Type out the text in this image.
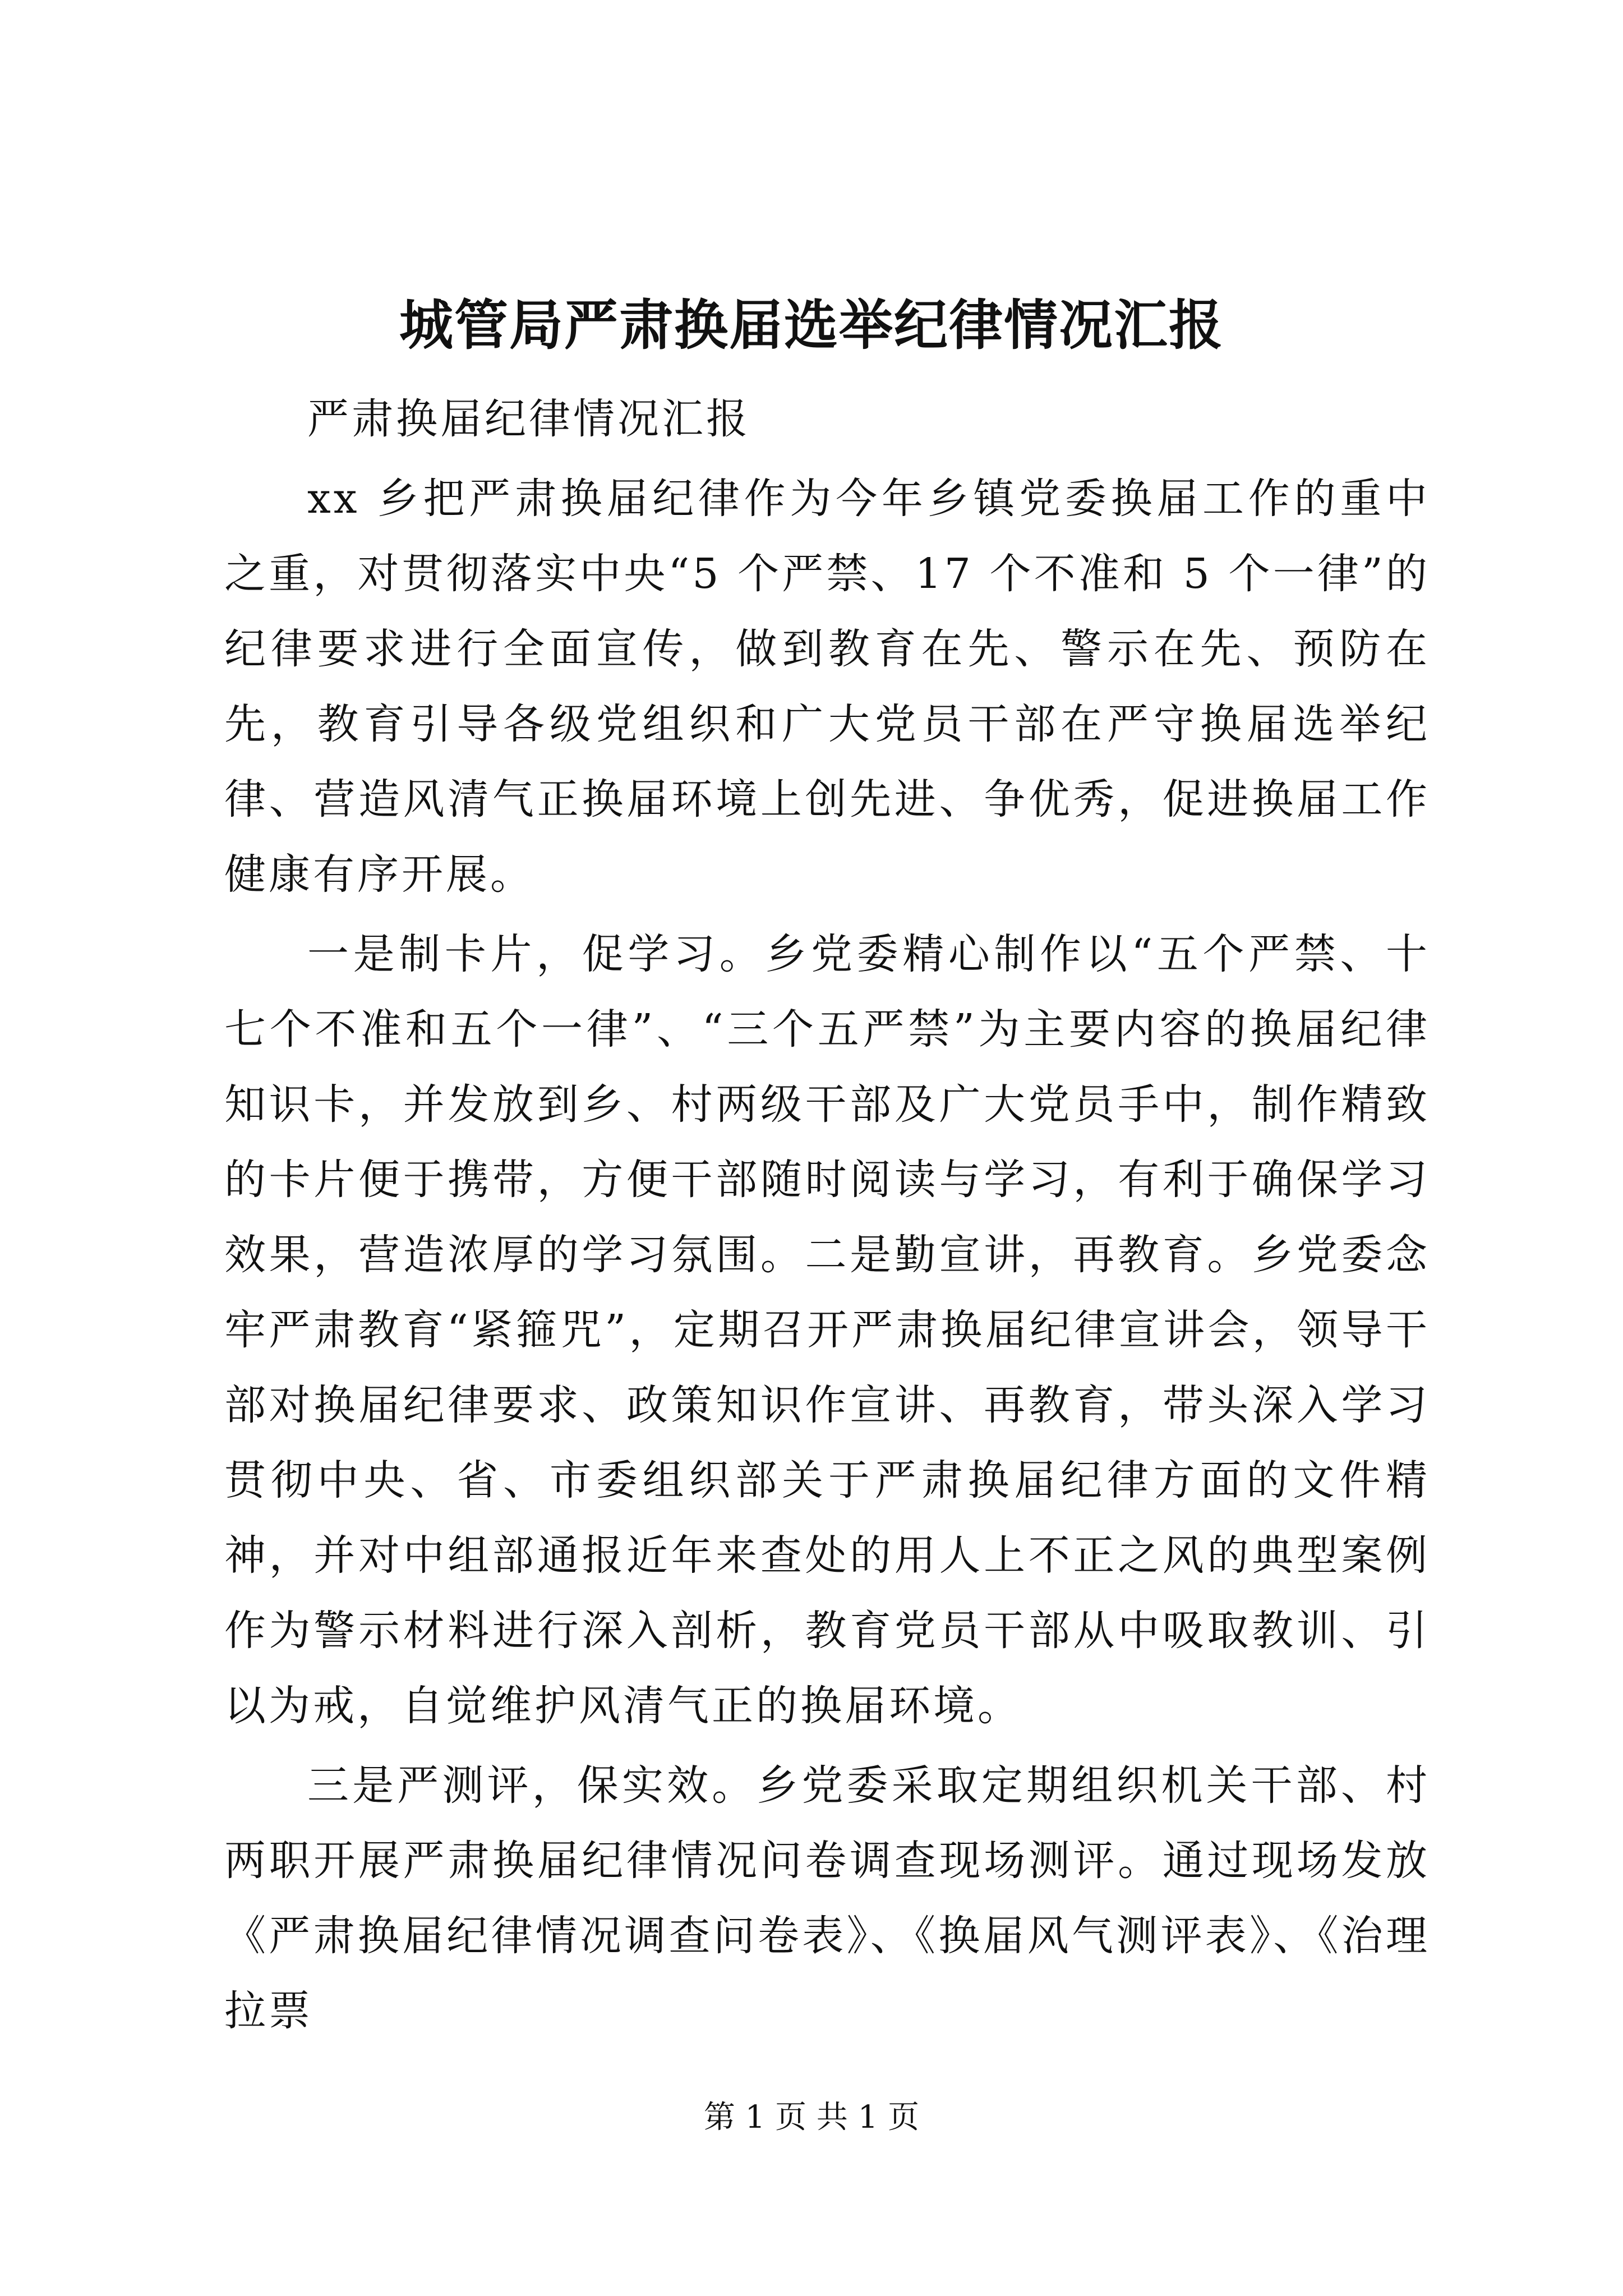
城管局严肃换届选举纪律情况汇报

严肃换届纪律情况汇报

xx 乡把严肃换届纪律作为今年乡镇党委换届工作的重中之重，对贯彻落实中央“5 个严禁、17 个不准和 5 个一律”的纪律要求进行全面宣传，做到教育在先、警示在先、预防在先，教育引导各级党组织和广大党员干部在严守换届选举纪律、营造风清气正换届环境上创先进、争优秀，促进换届工作健康有序开展。

一是制卡片，促学习。乡党委精心制作以“五个严禁、十七个不准和五个一律”、“三个五严禁”为主要内容的换届纪律知识卡，并发放到乡、村两级干部及广大党员手中，制作精致的卡片便于携带，方便干部随时阅读与学习，有利于确保学习效果，营造浓厚的学习氛围。二是勤宣讲，再教育。乡党委念牢严肃教育“紧箍咒”，定期召开严肃换届纪律宣讲会，领导干部对换届纪律要求、政策知识作宣讲、再教育，带头深入学习贯彻中央、省、市委组织部关于严肃换届纪律方面的文件精神，并对中组部通报近年来查处的用人上不正之风的典型案例作为警示材料进行深入剖析，教育党员干部从中吸取教训、引以为戒，自觉维护风清气正的换届环境。

三是严测评，保实效。乡党委采取定期组织机关干部、村两职开展严肃换届纪律情况问卷调查现场测评。通过现场发放《严肃换届纪律情况调查问卷表》、《换届风气测评表》、《治理拉票

第 1 页 共 1 页
